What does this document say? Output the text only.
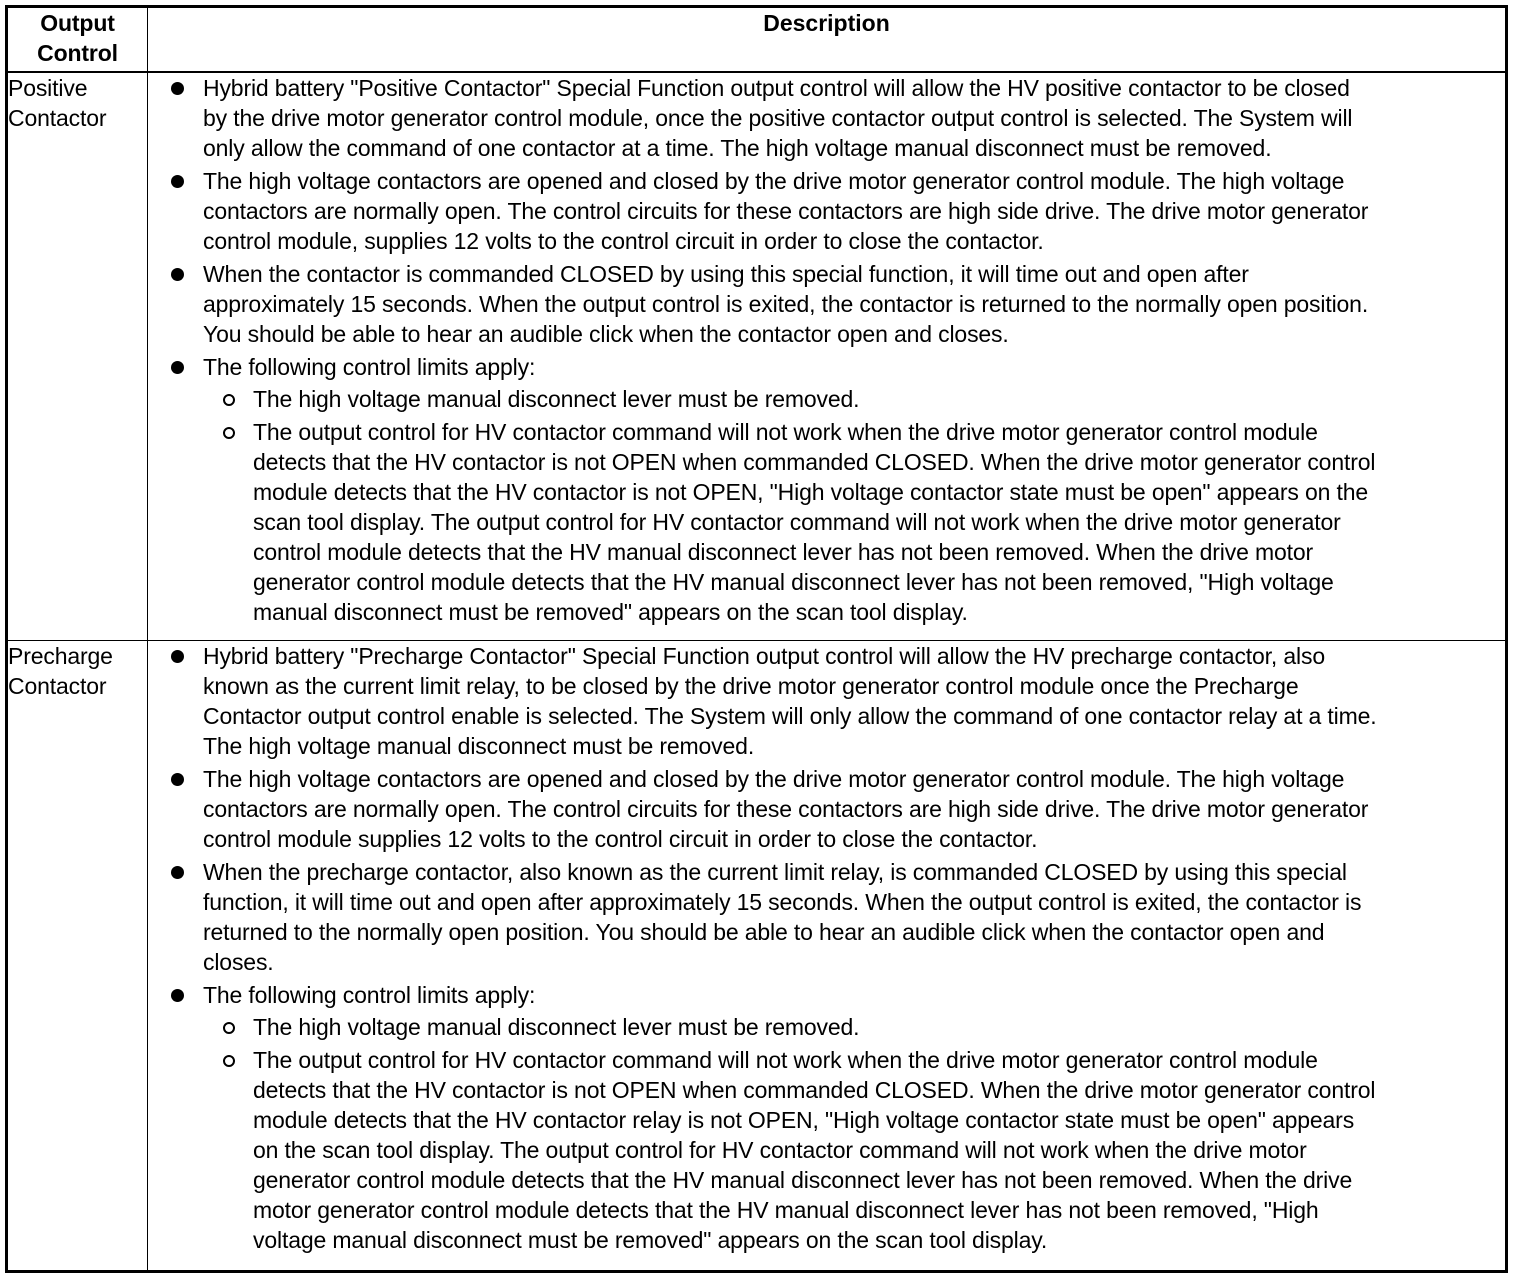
Output
Control	Description

Positive
Contactor

Hybrid battery "Positive Contactor" Special Function output control will allow the HV positive contactor to be closed
by the drive motor generator control module, once the positive contactor output control is selected. The System will
only allow the command of one contactor at a time. The high voltage manual disconnect must be removed.
The high voltage contactors are opened and closed by the drive motor generator control module. The high voltage
contactors are normally open. The control circuits for these contactors are high side drive. The drive motor generator
control module, supplies 12 volts to the control circuit in order to close the contactor.
When the contactor is commanded CLOSED by using this special function, it will time out and open after
approximately 15 seconds. When the output control is exited, the contactor is returned to the normally open position.
You should be able to hear an audible click when the contactor open and closes.
The following control limits apply:
The high voltage manual disconnect lever must be removed.
The output control for HV contactor command will not work when the drive motor generator control module
detects that the HV contactor is not OPEN when commanded CLOSED. When the drive motor generator control
module detects that the HV contactor is not OPEN, "High voltage contactor state must be open" appears on the
scan tool display. The output control for HV contactor command will not work when the drive motor generator
control module detects that the HV manual disconnect lever has not been removed. When the drive motor
generator control module detects that the HV manual disconnect lever has not been removed, "High voltage
manual disconnect must be removed" appears on the scan tool display.

Precharge
Contactor

Hybrid battery "Precharge Contactor" Special Function output control will allow the HV precharge contactor, also
known as the current limit relay, to be closed by the drive motor generator control module once the Precharge
Contactor output control enable is selected. The System will only allow the command of one contactor relay at a time.
The high voltage manual disconnect must be removed.
The high voltage contactors are opened and closed by the drive motor generator control module. The high voltage
contactors are normally open. The control circuits for these contactors are high side drive. The drive motor generator
control module supplies 12 volts to the control circuit in order to close the contactor.
When the precharge contactor, also known as the current limit relay, is commanded CLOSED by using this special
function, it will time out and open after approximately 15 seconds. When the output control is exited, the contactor is
returned to the normally open position. You should be able to hear an audible click when the contactor open and
closes.
The following control limits apply:
The high voltage manual disconnect lever must be removed.
The output control for HV contactor command will not work when the drive motor generator control module
detects that the HV contactor is not OPEN when commanded CLOSED. When the drive motor generator control
module detects that the HV contactor relay is not OPEN, "High voltage contactor state must be open" appears
on the scan tool display. The output control for HV contactor command will not work when the drive motor
generator control module detects that the HV manual disconnect lever has not been removed. When the drive
motor generator control module detects that the HV manual disconnect lever has not been removed, "High
voltage manual disconnect must be removed" appears on the scan tool display.
